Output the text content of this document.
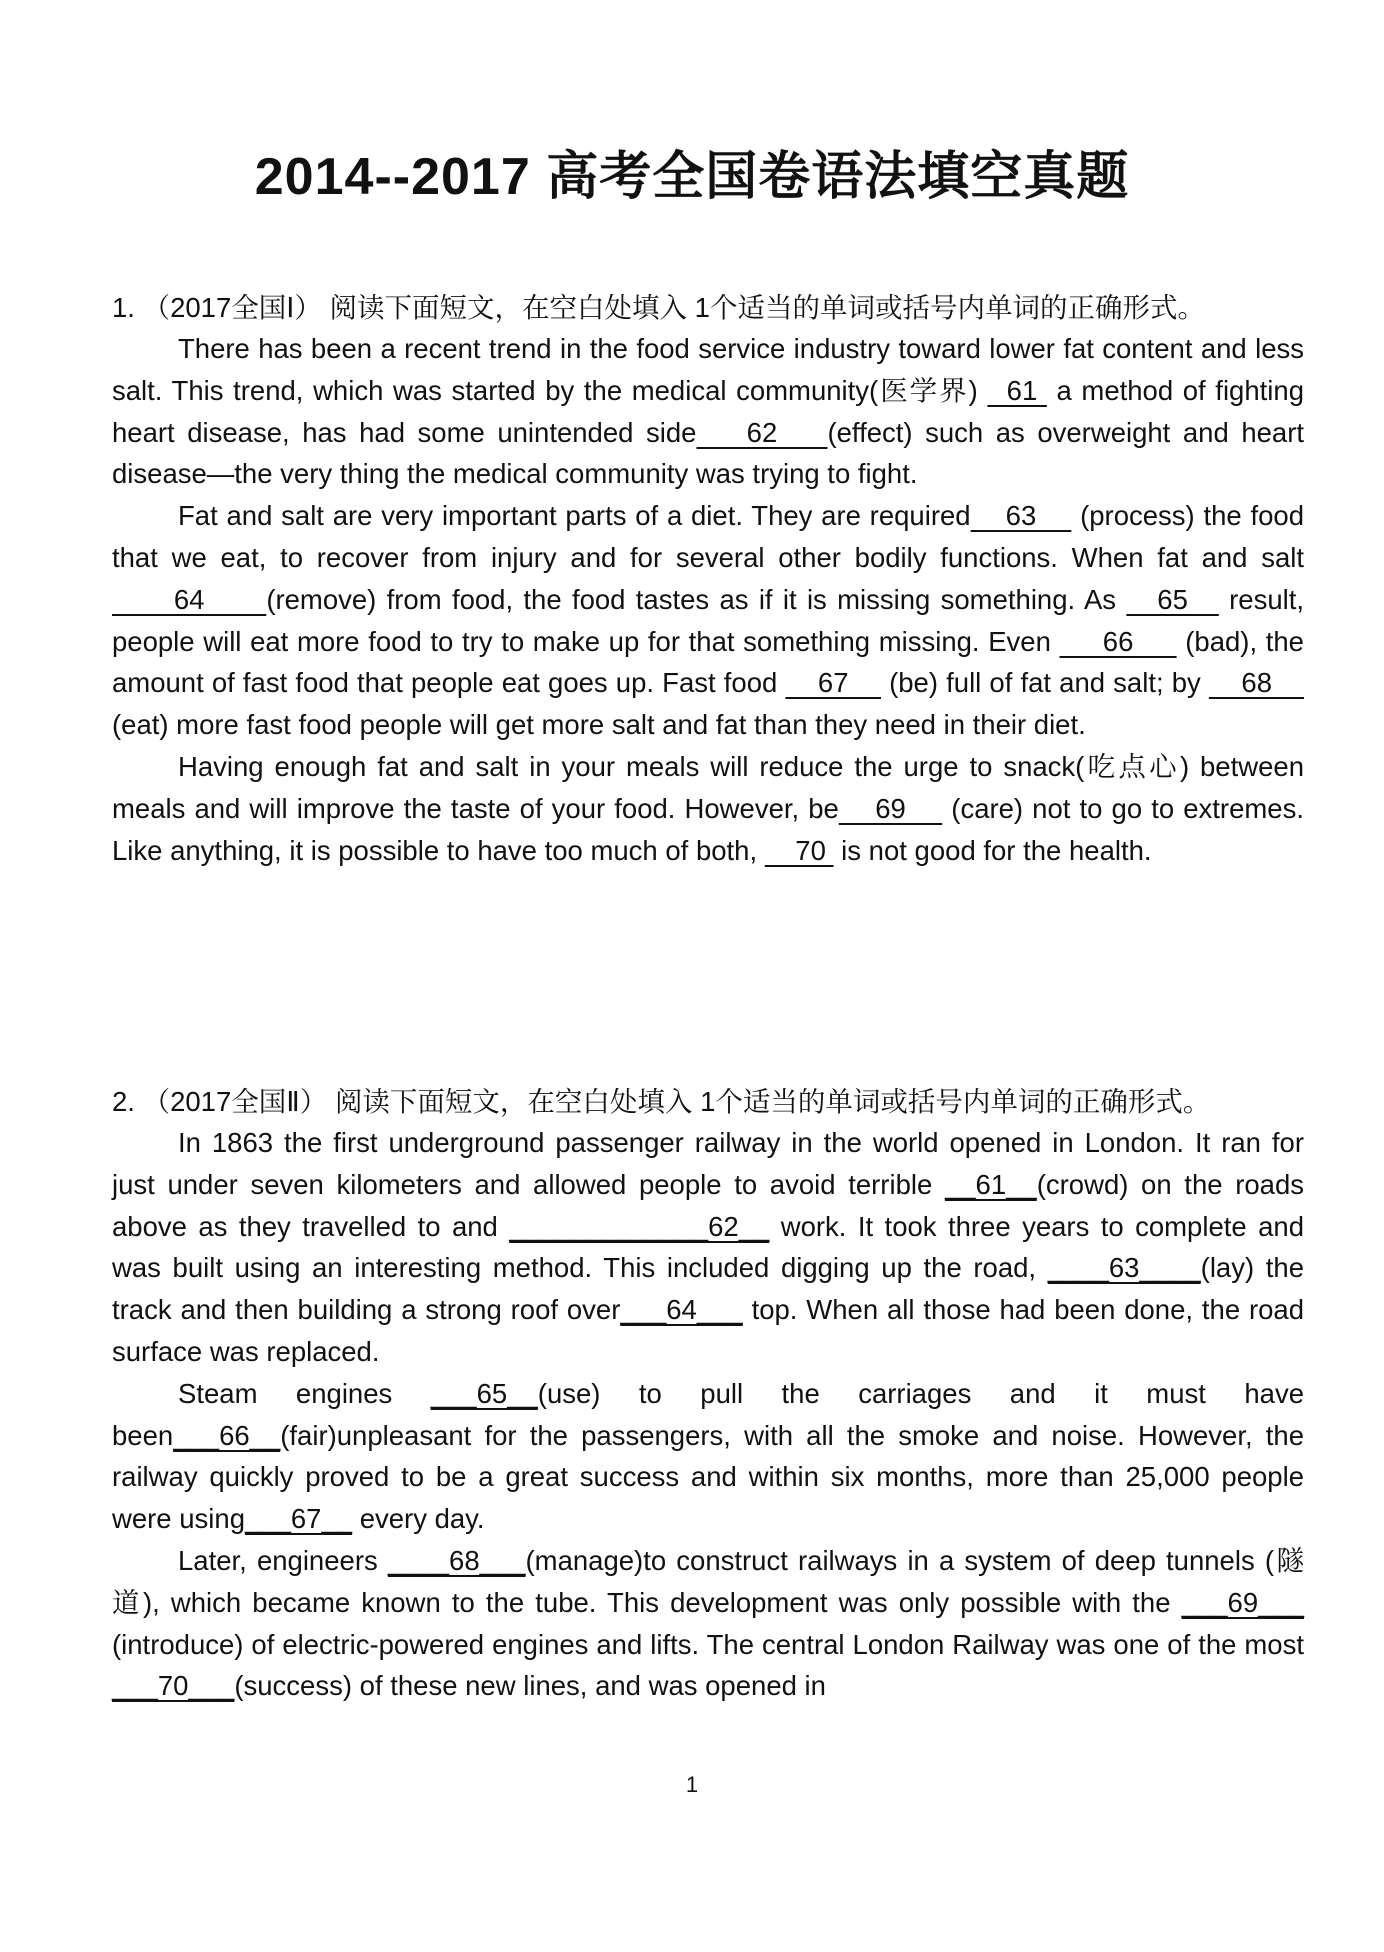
2014--2017 高考全国卷语法填空真题
1. （2017全国Ⅰ） 阅读下面短文，在空白处填入 1个适当的单词或括号内单词的正确形式。
There has been a recent trend in the food service industry toward lower fat content and less salt. This trend, which was started by the medical community(医学界)   61  a method of fighting heart disease, has had some unintended side    62    (effect) such as overweight and heart disease—the very thing the medical community was trying to fight.
Fat and salt are very important parts of a diet. They are required    63     (process) the food that we eat, to recover from injury and for several other bodily functions. When fat and salt      64      (remove) from food, the food tastes as if it is missing something. As    65    result, people will eat more food to try to make up for that something missing. Even      66      (bad), the amount of fast food that people eat goes up. Fast food     67     (be) full of fat and salt; by     68     (eat) more fast food people will get more salt and fat than they need in their diet.
Having enough fat and salt in your meals will reduce the urge to snack(吃点心) between meals and will improve the taste of your food. However, be    69     (care) not to go to extremes. Like anything, it is possible to have too much of both,     70  is not good for the health.
2. （2017全国Ⅱ） 阅读下面短文，在空白处填入 1个适当的单词或括号内单词的正确形式。
In 1863 the first underground passenger railway in the world opened in London. It ran for just under seven kilometers and allowed people to avoid terrible __61__(crowd) on the roads above as they travelled to and _____________62__ work. It took three years to complete and was built using an interesting method. This included digging up the road, ____63____(lay) the track and then building a strong roof over___64___ top. When all those had been done, the road surface was replaced.
Steam engines ___65__(use) to pull the carriages and it must have been___66__(fair)unpleasant for the passengers, with all the smoke and noise. However, the railway quickly proved to be a great success and within six months, more than 25,000 people were using___67__ every day.
Later, engineers ____68___(manage)to construct railways in a system of deep tunnels (隧道), which became known to the tube. This development was only possible with the ___69___ (introduce) of electric-powered engines and lifts. The central London Railway was one of the most ___70___(success) of these new lines, and was opened in
1
